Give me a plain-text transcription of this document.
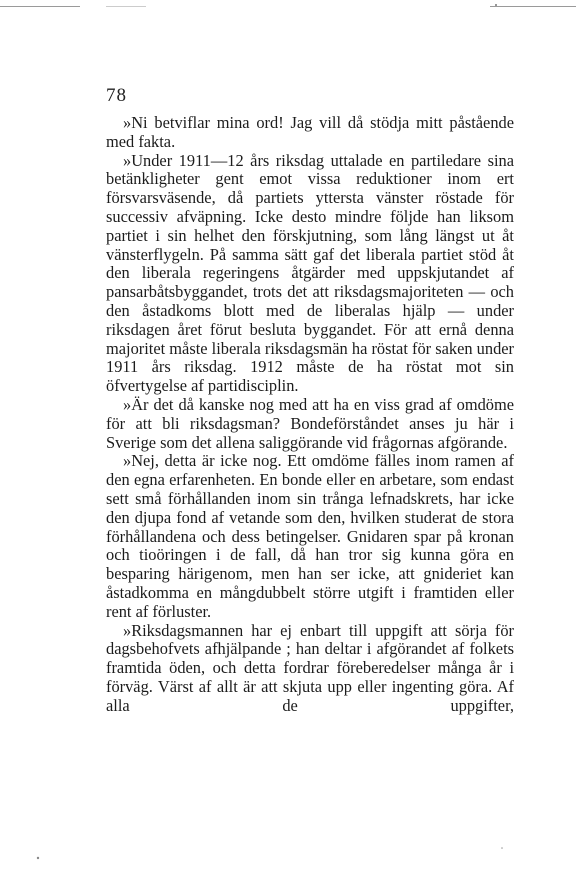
78

»Ni betviflar mina ord! Jag vill då stödja mitt påstående med fakta.

»Under 1911—12 års riksdag uttalade en partiledare sina betänkligheter gent emot vissa reduktioner inom ert försvarsväsende, då partiets yttersta vänster röstade för successiv afväpning. Icke desto mindre följde han liksom partiet i sin helhet den förskjutning, som lång längst ut åt vänsterflygeln. På samma sätt gaf det liberala partiet stöd åt den liberala regeringens åtgärder med uppskjutandet af pansarbåtsbyggandet, trots det att riksdagsmajoriteten — och den åstadkoms blott med de liberalas hjälp — under riksdagen året förut besluta byggandet. För att ernå denna majoritet måste liberala riksdagsmän ha röstat för saken under 1911 års riksdag. 1912 måste de ha röstat mot sin öfvertygelse af partidisciplin.

»Är det då kanske nog med att ha en viss grad af omdöme för att bli riksdagsman? Bondeförståndet anses ju här i Sverige som det allena saliggörande vid frågornas afgörande.

»Nej, detta är icke nog. Ett omdöme fälles inom ramen af den egna erfarenheten. En bonde eller en arbetare, som endast sett små förhållanden inom sin trånga lefnadskrets, har icke den djupa fond af vetande som den, hvilken studerat de stora förhållandena och dess betingelser. Gnidaren spar på kronan och tioöringen i de fall, då han tror sig kunna göra en besparing härigenom, men han ser icke, att gnideriet kan åstadkomma en mångdubbelt större utgift i framtiden eller rent af förluster.

»Riksdagsmannen har ej enbart till uppgift att sörja för dagsbehofvets afhjälpande ; han deltar i afgörandet af folkets framtida öden, och detta fordrar föreberedelser många år i förväg. Värst af allt är att skjuta upp eller ingenting göra. Af alla de uppgifter,
